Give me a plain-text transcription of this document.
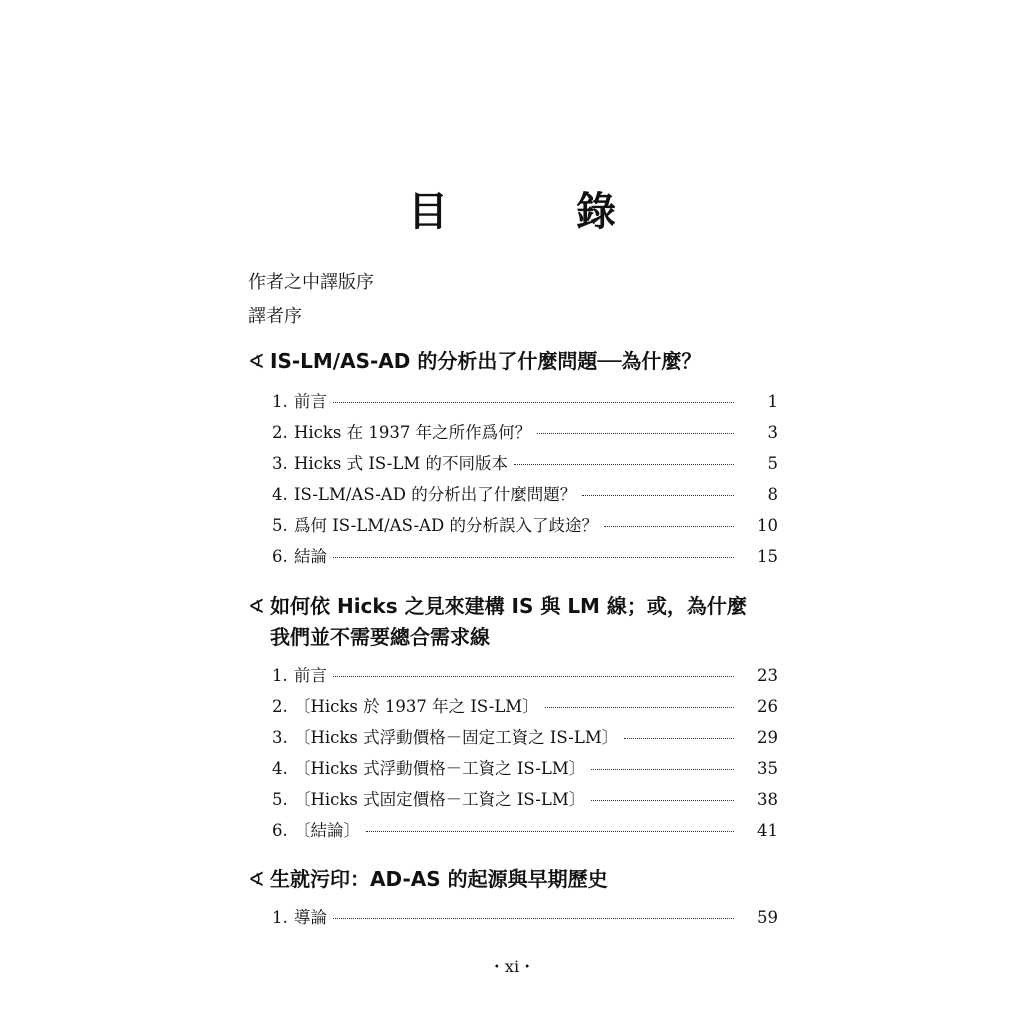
目　錄
作者之中譯版序
譯者序
∢ IS-LM/AS-AD 的分析出了什麼問題──為什麼？
1. 前言	1
2. Hicks 在 1937 年之所作爲何？	3
3. Hicks 式 IS-LM 的不同版本	5
4. IS-LM/AS-AD 的分析出了什麼問題？	8
5. 爲何 IS-LM/AS-AD 的分析誤入了歧途？	10
6. 結論	15
∢ 如何依 Hicks 之見來建構 IS 與 LM 線；或，為什麼
我們並不需要總合需求線
1. 前言	23
2. 〔Hicks 於 1937 年之 IS-LM〕	26
3. 〔Hicks 式浮動價格－固定工資之 IS-LM〕	29
4. 〔Hicks 式浮動價格－工資之 IS-LM〕	35
5. 〔Hicks 式固定價格－工資之 IS-LM〕	38
6. 〔結論〕	41
∢ 生就污印：AD-AS 的起源與早期歷史
1. 導論	59
・xi・
